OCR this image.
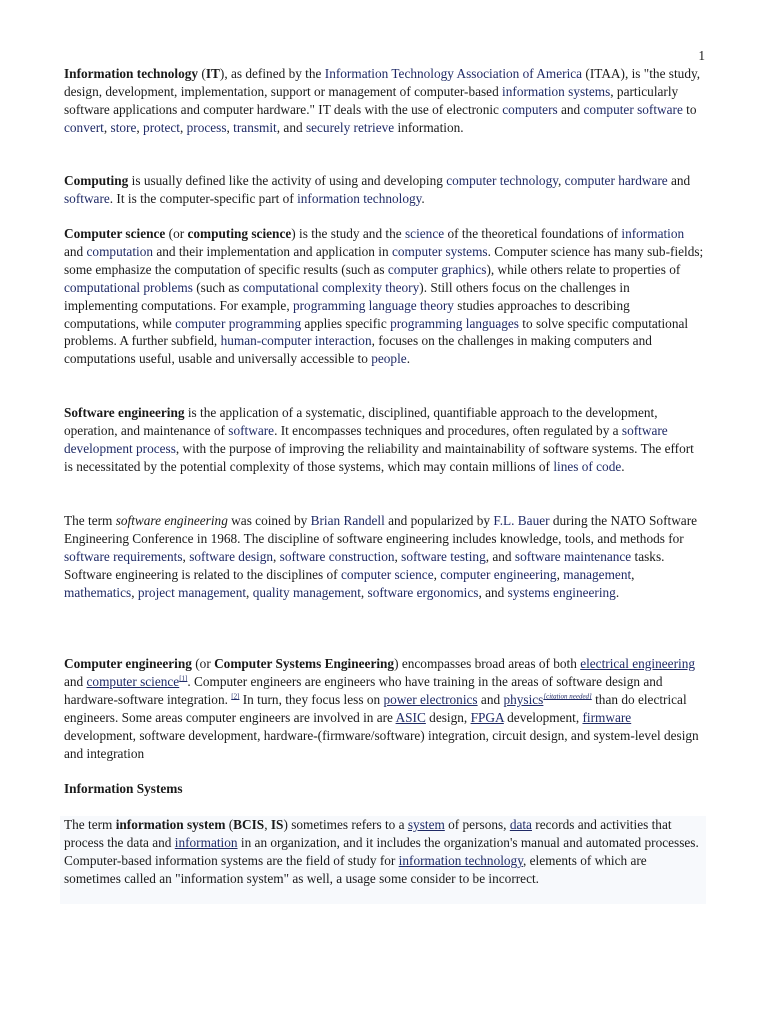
1

Information technology (IT), as defined by the Information Technology Association of America (ITAA), is "the study, design, development, implementation, support or management of computer-based information systems, particularly software applications and computer hardware." IT deals with the use of electronic computers and computer software to convert, store, protect, process, transmit, and securely retrieve information.

Computing is usually defined like the activity of using and developing computer technology, computer hardware and software. It is the computer-specific part of information technology.

Computer science (or computing science) is the study and the science of the theoretical foundations of information and computation and their implementation and application in computer systems. Computer science has many sub-fields; some emphasize the computation of specific results (such as computer graphics), while others relate to properties of computational problems (such as computational complexity theory). Still others focus on the challenges in implementing computations. For example, programming language theory studies approaches to describing computations, while computer programming applies specific programming languages to solve specific computational problems. A further subfield, human-computer interaction, focuses on the challenges in making computers and computations useful, usable and universally accessible to people.

Software engineering is the application of a systematic, disciplined, quantifiable approach to the development, operation, and maintenance of software. It encompasses techniques and procedures, often regulated by a software development process, with the purpose of improving the reliability and maintainability of software systems. The effort is necessitated by the potential complexity of those systems, which may contain millions of lines of code.

The term software engineering was coined by Brian Randell and popularized by F.L. Bauer during the NATO Software Engineering Conference in 1968. The discipline of software engineering includes knowledge, tools, and methods for software requirements, software design, software construction, software testing, and software maintenance tasks. Software engineering is related to the disciplines of computer science, computer engineering, management, mathematics, project management, quality management, software ergonomics, and systems engineering.

Computer engineering (or Computer Systems Engineering) encompasses broad areas of both electrical engineering and computer science[1]. Computer engineers are engineers who have training in the areas of software design and hardware-software integration. [2] In turn, they focus less on power electronics and physics[citation needed] than do electrical engineers. Some areas computer engineers are involved in are ASIC design, FPGA development, firmware development, software development, hardware-(firmware/software) integration, circuit design, and system-level design and integration

Information Systems

The term information system (BCIS, IS) sometimes refers to a system of persons, data records and activities that process the data and information in an organization, and it includes the organization's manual and automated processes. Computer-based information systems are the field of study for information technology, elements of which are sometimes called an "information system" as well, a usage some consider to be incorrect.
